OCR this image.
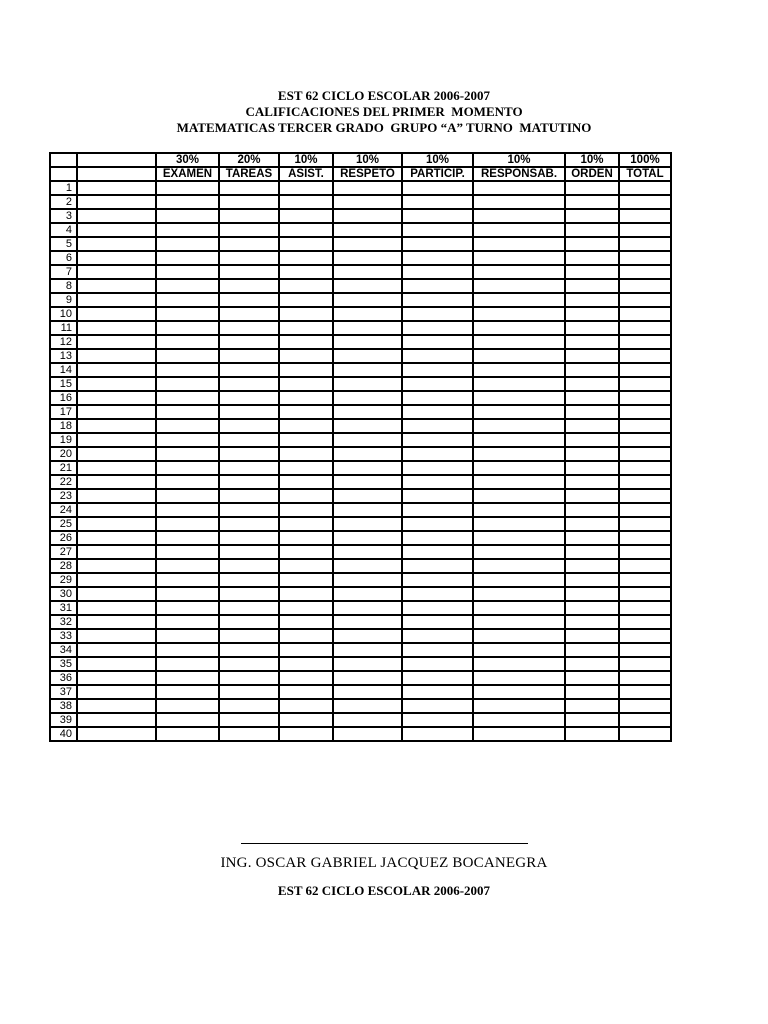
EST 62 CICLO ESCOLAR 2006-2007
CALIFICACIONES DEL PRIMER  MOMENTO
MATEMATICAS TERCER GRADO  GRUPO “A” TURNO  MATUTINO
		30%	20%	10%	10%	10%	10%	10%	100%
		EXAMEN	TAREAS	ASIST.	RESPETO	PARTICIP.	RESPONSAB.	ORDEN	TOTAL
1									
2									
3									
4									
5									
6									
7									
8									
9									
10									
11									
12									
13									
14									
15									
16									
17									
18									
19									
20									
21									
22									
23									
24									
25									
26									
27									
28									
29									
30									
31									
32									
33									
34									
35									
36									
37									
38									
39									
40									
ING. OSCAR GABRIEL JACQUEZ BOCANEGRA
EST 62 CICLO ESCOLAR 2006-2007
